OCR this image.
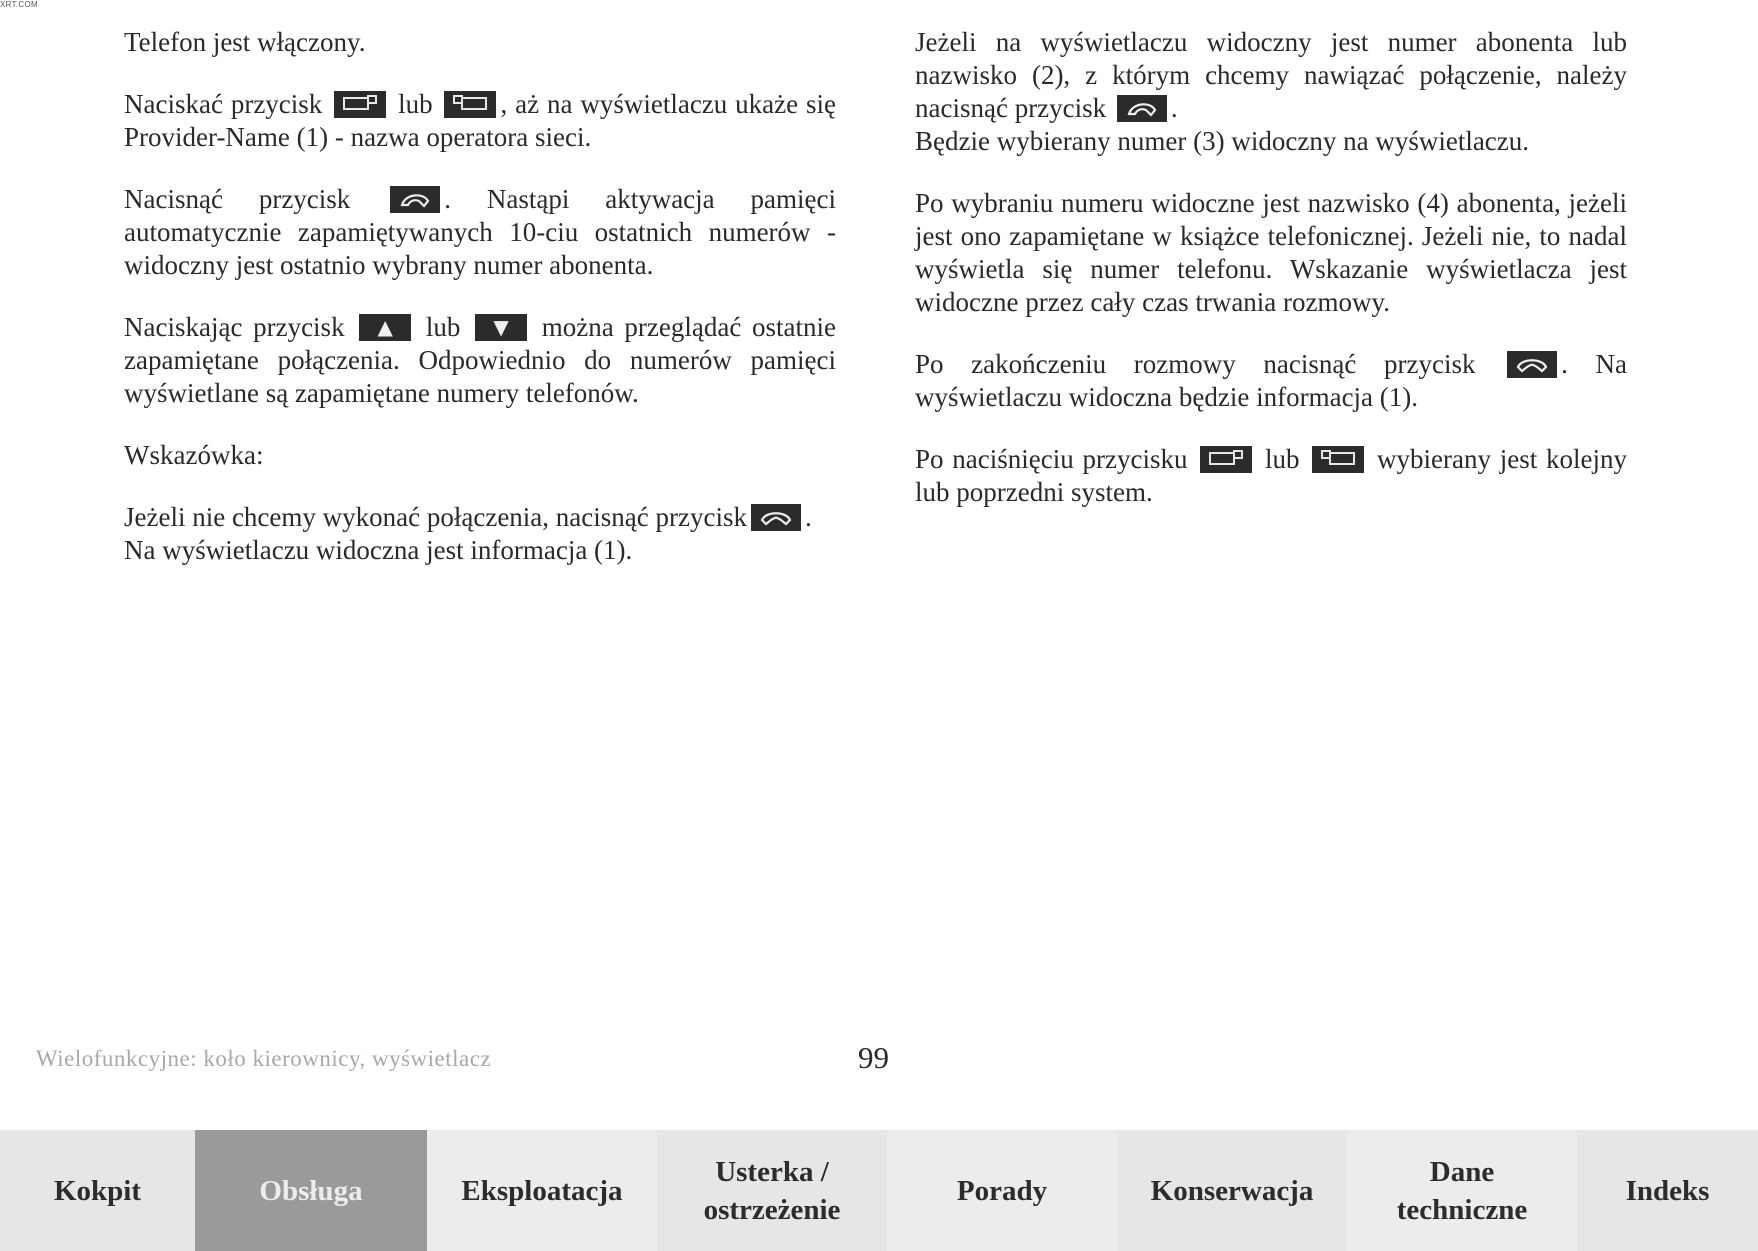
XRT.COM

Telefon jest włączony.

Naciskać przycisk	lub	, aż na wyświetlaczu ukaże się Provider-Name (1) - nazwa operatora sieci.

Nacisnąć przycisk	. Nastąpi aktywacja pamięci automatycznie zapamiętywanych 10-ciu ostatnich numerów - widoczny jest ostatnio wybrany numer abonenta.

Naciskając przycisk	▲	lub	▼	można przeglądać ostatnie zapamiętane połączenia. Odpowiednio do numerów pamięci wyświetlane są zapamiętane numery telefonów.

Wskazówka:

Jeżeli nie chcemy wykonać połączenia, nacisnąć przycisk .
Na wyświetlaczu widoczna jest informacja (1).

Jeżeli na wyświetlaczu widoczny jest numer abonenta lub nazwisko (2), z którym chcemy nawiązać połączenie, należy nacisnąć przycisk .
Będzie wybierany numer (3) widoczny na wyświetlaczu.

Po wybraniu numeru widoczne jest nazwisko (4) abonenta, jeżeli jest ono zapamiętane w książce telefonicznej. Jeżeli nie, to nadal wyświetla się numer telefonu. Wskazanie wyświetlacza jest widoczne przez cały czas trwania rozmowy.

Po zakończeniu rozmowy nacisnąć przycisk	. Na wyświetlaczu widoczna będzie informacja (1).

Po naciśnięciu przycisku	lub	wybierany jest kolejny lub poprzedni system.

Wielofunkcyjne: koło kierownicy, wyświetlacz	99
Kokpit	Obsługa	Eksploatacja
Usterka /
ostrzeżenie
Porady	Konserwacja
Dane
techniczne
Indeks
